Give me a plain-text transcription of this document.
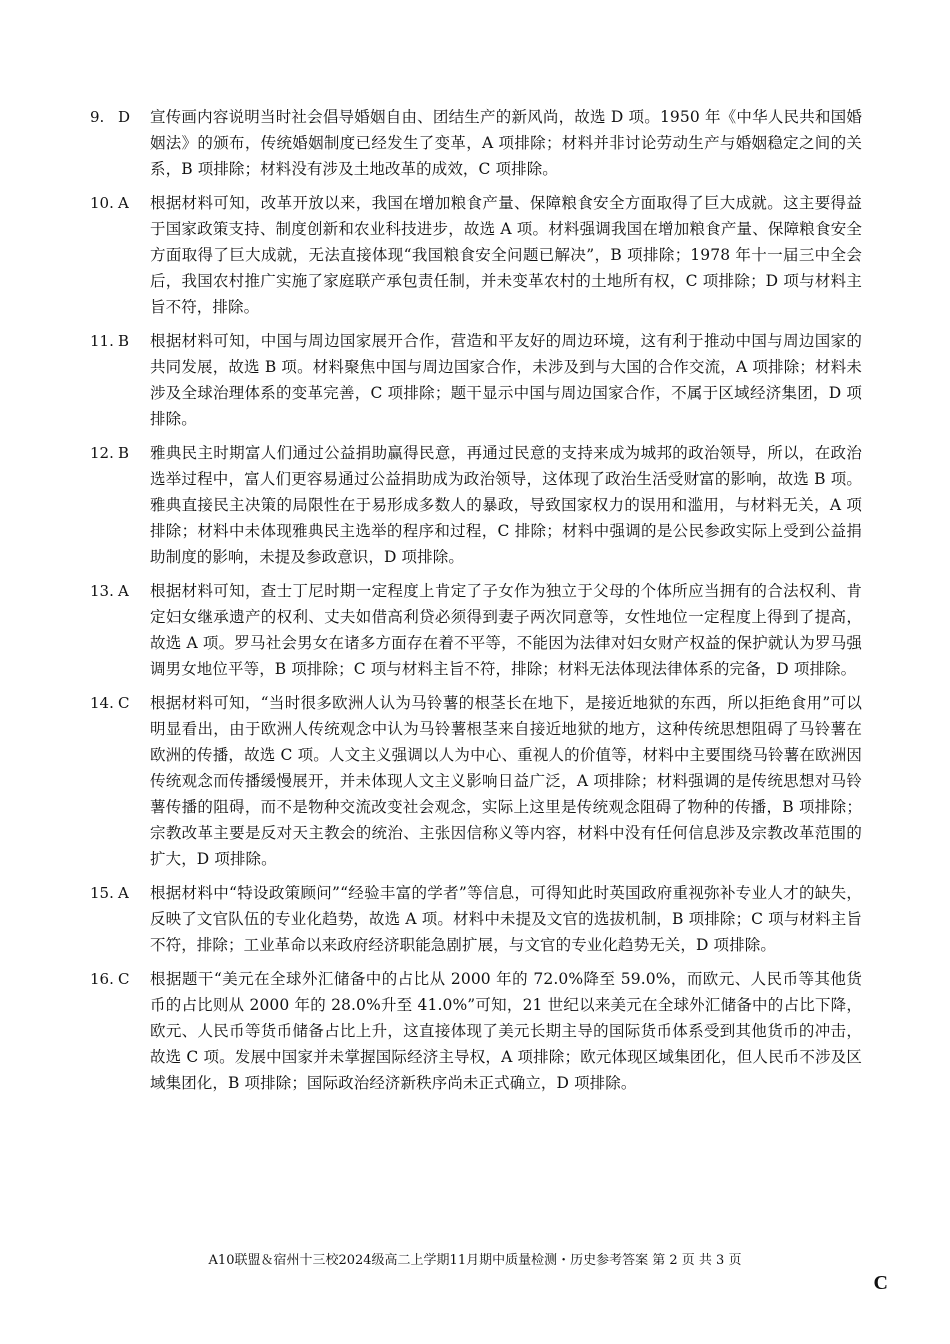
9. D	宣传画内容说明当时社会倡导婚姻自由、团结生产的新风尚，故选 D 项。1950 年《中华人民共和国婚姻法》的颁布，传统婚姻制度已经发生了变革，A 项排除；材料并非讨论劳动生产与婚姻稳定之间的关系，B 项排除；材料没有涉及土地改革的成效，C 项排除。
10. A	根据材料可知，改革开放以来，我国在增加粮食产量、保障粮食安全方面取得了巨大成就。这主要得益于国家政策支持、制度创新和农业科技进步，故选 A 项。材料强调我国在增加粮食产量、保障粮食安全方面取得了巨大成就，无法直接体现“我国粮食安全问题已解决”，B 项排除；1978 年十一届三中全会后，我国农村推广实施了家庭联产承包责任制，并未变革农村的土地所有权，C 项排除；D 项与材料主旨不符，排除。
11. B	根据材料可知，中国与周边国家展开合作，营造和平友好的周边环境，这有利于推动中国与周边国家的共同发展，故选 B 项。材料聚焦中国与周边国家合作，未涉及到与大国的合作交流，A 项排除；材料未涉及全球治理体系的变革完善，C 项排除；题干显示中国与周边国家合作，不属于区域经济集团，D 项排除。
12. B	雅典民主时期富人们通过公益捐助赢得民意，再通过民意的支持来成为城邦的政治领导，所以，在政治选举过程中，富人们更容易通过公益捐助成为政治领导，这体现了政治生活受财富的影响，故选 B 项。雅典直接民主决策的局限性在于易形成多数人的暴政，导致国家权力的误用和滥用，与材料无关，A 项排除；材料中未体现雅典民主选举的程序和过程，C 排除；材料中强调的是公民参政实际上受到公益捐助制度的影响，未提及参政意识，D 项排除。
13. A	根据材料可知，查士丁尼时期一定程度上肯定了子女作为独立于父母的个体所应当拥有的合法权利、肯定妇女继承遗产的权利、丈夫如借高利贷必须得到妻子两次同意等，女性地位一定程度上得到了提高，故选 A 项。罗马社会男女在诸多方面存在着不平等，不能因为法律对妇女财产权益的保护就认为罗马强调男女地位平等，B 项排除；C 项与材料主旨不符，排除；材料无法体现法律体系的完备，D 项排除。
14. C	根据材料可知，“当时很多欧洲人认为马铃薯的根茎长在地下，是接近地狱的东西，所以拒绝食用”可以明显看出，由于欧洲人传统观念中认为马铃薯根茎来自接近地狱的地方，这种传统思想阻碍了马铃薯在欧洲的传播，故选 C 项。人文主义强调以人为中心、重视人的价值等，材料中主要围绕马铃薯在欧洲因传统观念而传播缓慢展开，并未体现人文主义影响日益广泛，A 项排除；材料强调的是传统思想对马铃薯传播的阻碍，而不是物种交流改变社会观念，实际上这里是传统观念阻碍了物种的传播，B 项排除；宗教改革主要是反对天主教会的统治、主张因信称义等内容，材料中没有任何信息涉及宗教改革范围的扩大，D 项排除。
15. A	根据材料中“特设政策顾问”“经验丰富的学者”等信息，可得知此时英国政府重视弥补专业人才的缺失，反映了文官队伍的专业化趋势，故选 A 项。材料中未提及文官的选拔机制，B 项排除；C 项与材料主旨不符，排除；工业革命以来政府经济职能急剧扩展，与文官的专业化趋势无关，D 项排除。
16. C	根据题干“美元在全球外汇储备中的占比从 2000 年的 72.0%降至 59.0%，而欧元、人民币等其他货币的占比则从 2000 年的 28.0%升至 41.0%”可知，21 世纪以来美元在全球外汇储备中的占比下降，欧元、人民币等货币储备占比上升，这直接体现了美元长期主导的国际货币体系受到其他货币的冲击，故选 C 项。发展中国家并未掌握国际经济主导权，A 项排除；欧元体现区域集团化，但人民币不涉及区域集团化，B 项排除；国际政治经济新秩序尚未正式确立，D 项排除。
A10联盟＆宿州十三校2024级高二上学期11月期中质量检测・历史参考答案 第 2 页 共 3 页
C
